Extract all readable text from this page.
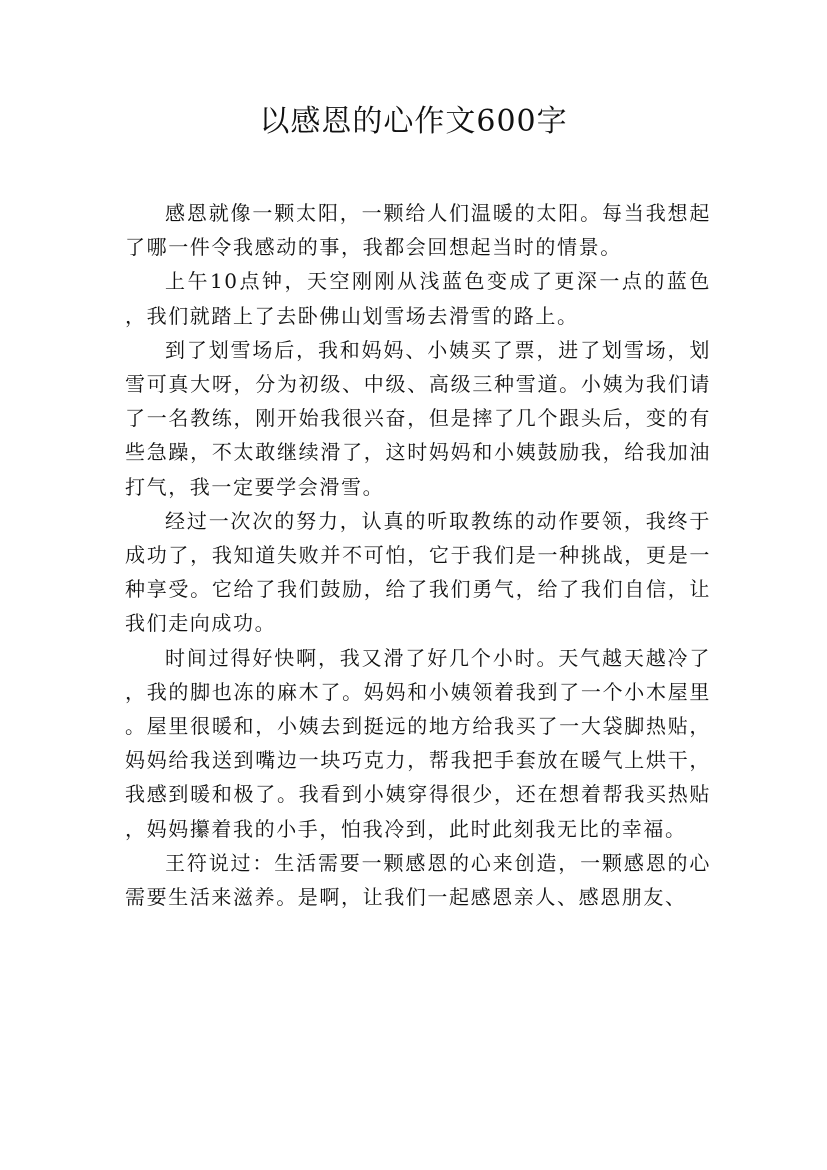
以感恩的心作文600字

感恩就像一颗太阳，一颗给人们温暖的太阳。每当我想起了哪一件令我感动的事，我都会回想起当时的情景。

上午10点钟，天空刚刚从浅蓝色变成了更深一点的蓝色，我们就踏上了去卧佛山划雪场去滑雪的路上。

到了划雪场后，我和妈妈、小姨买了票，进了划雪场，划雪可真大呀，分为初级、中级、高级三种雪道。小姨为我们请了一名教练，刚开始我很兴奋，但是摔了几个跟头后，变的有些急躁，不太敢继续滑了，这时妈妈和小姨鼓励我，给我加油打气，我一定要学会滑雪。

经过一次次的努力，认真的听取教练的动作要领，我终于成功了，我知道失败并不可怕，它于我们是一种挑战，更是一种享受。它给了我们鼓励，给了我们勇气，给了我们自信，让我们走向成功。

时间过得好快啊，我又滑了好几个小时。天气越天越冷了，我的脚也冻的麻木了。妈妈和小姨领着我到了一个小木屋里。屋里很暖和，小姨去到挺远的地方给我买了一大袋脚热贴，妈妈给我送到嘴边一块巧克力，帮我把手套放在暖气上烘干，我感到暖和极了。我看到小姨穿得很少，还在想着帮我买热贴，妈妈攥着我的小手，怕我冷到，此时此刻我无比的幸福。

王符说过：生活需要一颗感恩的心来创造，一颗感恩的心需要生活来滋养。是啊，让我们一起感恩亲人、感恩朋友、
